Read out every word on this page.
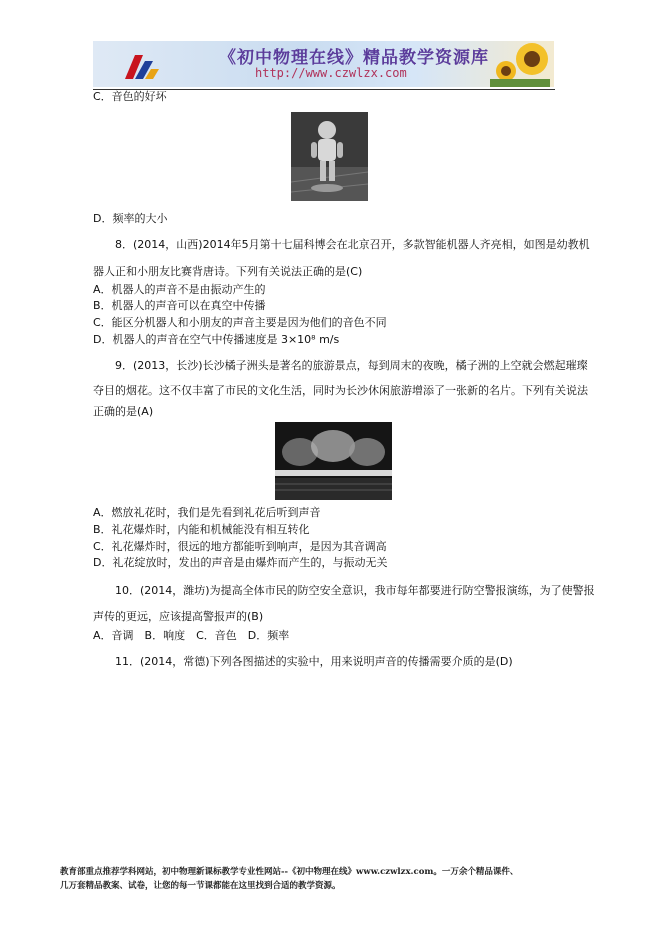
《初中物理在线》精品教学资源库
http://www.czwlzx.com
C．音色的好坏
D．频率的大小
8．(2014，山西)2014年5月第十七届科博会在北京召开，多款智能机器人齐亮相，如图是幼教机
器人正和小朋友比赛背唐诗。下列有关说法正确的是(C)
A．机器人的声音不是由振动产生的
B．机器人的声音可以在真空中传播
C．能区分机器人和小朋友的声音主要是因为他们的音色不同
D．机器人的声音在空气中传播速度是 3×10⁸ m/s
9．(2013，长沙)长沙橘子洲头是著名的旅游景点，每到周末的夜晚，橘子洲的上空就会燃起璀璨
夺目的烟花。这不仅丰富了市民的文化生活，同时为长沙休闲旅游增添了一张新的名片。下列有关说法
正确的是(A)
A．燃放礼花时，我们是先看到礼花后听到声音
B．礼花爆炸时，内能和机械能没有相互转化
C．礼花爆炸时，很远的地方都能听到响声，是因为其音调高
D．礼花绽放时，发出的声音是由爆炸而产生的，与振动无关
10．(2014，潍坊)为提高全体市民的防空安全意识，我市每年都要进行防空警报演练，为了使警报
声传的更远，应该提高警报声的(B)
A．音调　B．响度　C．音色　D．频率
11．(2014，常德)下列各图描述的实验中，用来说明声音的传播需要介质的是(D)
教育部重点推荐学科网站，初中物理新课标教学专业性网站--《初中物理在线》www.czwlzx.com。一万余个精品课件、
几万套精品教案、试卷，让您的每一节课都能在这里找到合适的教学资源。
